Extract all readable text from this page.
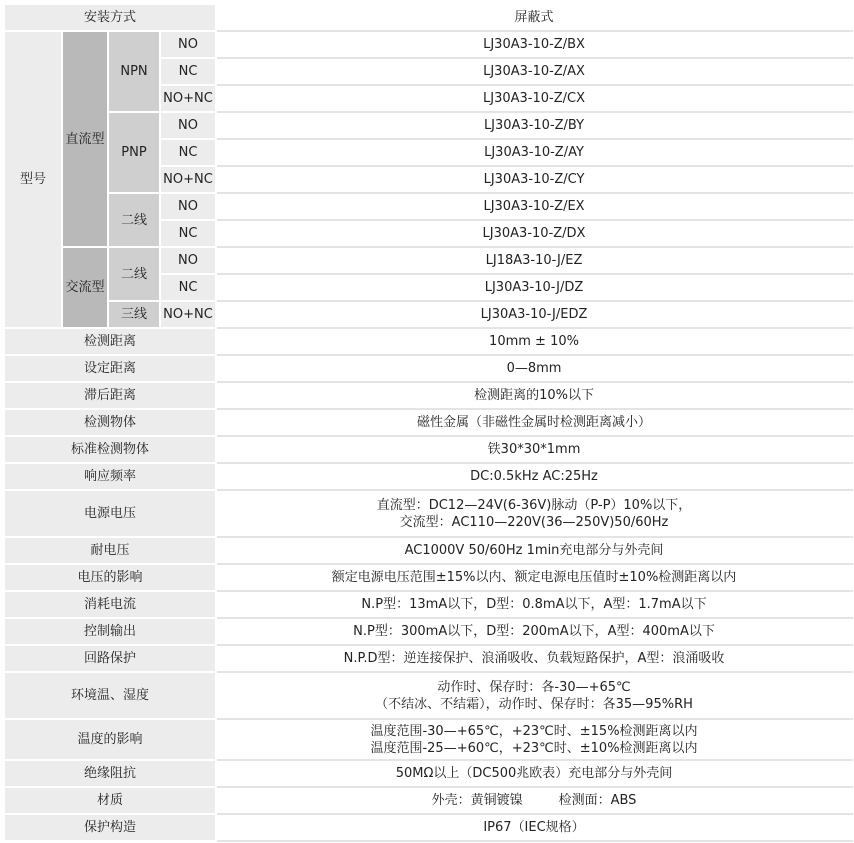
安装方式				屏蔽式
型号	直流型	NPN	NO	LJ30A3-10-Z/BX
			NC	LJ30A3-10-Z/AX
			NO+NC	LJ30A3-10-Z/CX
		PNP	NO	LJ30A3-10-Z/BY
			NC	LJ30A3-10-Z/AY
			NO+NC	LJ30A3-10-Z/CY
		二线	NO	LJ30A3-10-Z/EX
			NC	LJ30A3-10-Z/DX
	交流型	二线	NO	LJ18A3-10-J/EZ
			NC	LJ30A3-10-J/DZ
		三线	NO+NC	LJ30A3-10-J/EDZ
检测距离				10mm ± 10%
设定距离				0—8mm
滞后距离				检测距离的10%以下
检测物体				磁性金属（非磁性金属时检测距离减小）
标准检测物体				铁30*30*1mm
响应频率				DC:0.5kHz AC:25Hz
电源电压				直流型：DC12—24V(6-36V)脉动（P-P）10%以下，
交流型：AC110—220V(36—250V)50/60Hz

耐电压				AC1000V 50/60Hz 1min充电部分与外壳间
电压的影响				额定电源电压范围±15%以内、额定电源电压值时±10%检测距离以内
消耗电流				N.P型：13mA以下，D型：0.8mA以下，A型：1.7mA以下
控制输出				N.P型：300mA以下，D型：200mA以下，A型：400mA以下
回路保护				N.P.D型：逆连接保护、浪涌吸收、负载短路保护，A型：浪涌吸收
环境温、湿度				动作时、保存时：各-30—+65℃
（不结冰、不结霜），动作时、保存时：各35—95%RH

温度的影响				温度范围-30—+65℃，+23℃时、±15%检测距离以内
温度范围-25—+60℃，+23℃时、±10%检测距离以内

绝缘阻抗				50MΩ以上（DC500兆欧表）充电部分与外壳间
材质				外壳：黄铜镀镍 检测面：ABS
保护构造				IP67（IEC规格）
